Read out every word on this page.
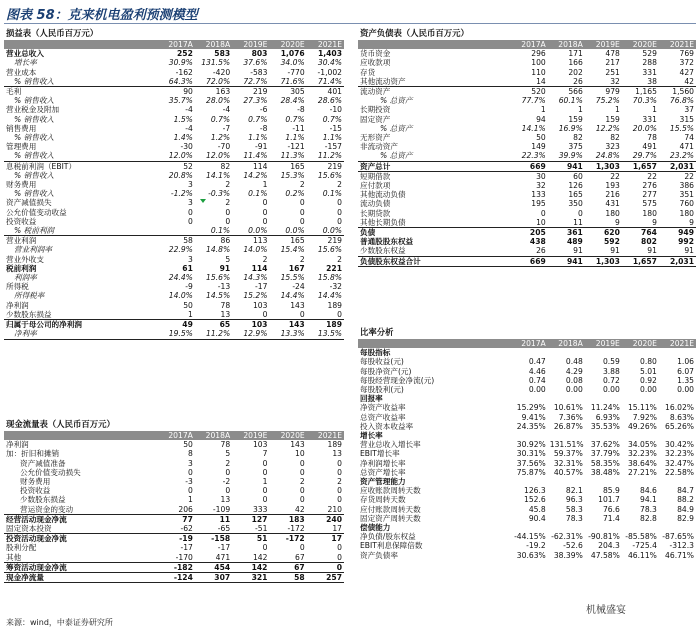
图表 58：克来机电盈利预测模型
损益表（人民币百万元）
	2017A	2018A	2019E	2020E	2021E
营业总收入	252	583	803	1,076	1,403
增长率	30.9%	131.5%	37.6%	34.0%	30.4%
营业成本	-162	-420	-583	-770	-1,002
% 销售收入	64.3%	72.0%	72.7%	71.6%	71.4%
毛利	90	163	219	305	401
% 销售收入	35.7%	28.0%	27.3%	28.4%	28.6%
营业税金及附加	-4	-4	-6	-8	-10
% 销售收入	1.5%	0.7%	0.7%	0.7%	0.7%
销售费用	-4	-7	-8	-11	-15
% 销售收入	1.4%	1.2%	1.1%	1.1%	1.1%
管理费用	-30	-70	-91	-121	-157
% 销售收入	12.0%	12.0%	11.4%	11.3%	11.2%
息税前利润（EBIT）	52	82	114	165	219
% 销售收入	20.8%	14.1%	14.2%	15.3%	15.6%
财务费用	3	2	1	2	2
% 销售收入	-1.2%	-0.3%	0.1%	0.2%	0.1%
资产减值损失	3	2	0	0	0
公允价值变动收益	0	0	0	0	0
投资收益	0	0	0	0	0
% 税前利润		0.1%	0.0%	0.0%	0.0%
营业利润	58	86	113	165	219
营业利润率	22.9%	14.8%	14.0%	15.4%	15.6%
营业外收支	3	5	2	2	2
税前利润	61	91	114	167	221
利润率	24.4%	15.6%	14.3%	15.5%	15.8%
所得税	-9	-13	-17	-24	-32
所得税率	14.0%	14.5%	15.2%	14.4%	14.4%
净利润	50	78	103	143	189
少数股东损益	1	13	0	0	0
归属于母公司的净利润	49	65	103	143	189
净利率	19.5%	11.2%	12.9%	13.3%	13.5%
现金流量表（人民币百万元）
	2017A	2018A	2019E	2020E	2021E
净利润	50	78	103	143	189
加：折旧和摊销	8	5	7	10	13
资产减值准备	3	2	0	0	0
公允价值变动损失	0	0	0	0	0
财务费用	-3	-2	1	2	2
投资收益	0	0	0	0	0
少数股东损益	1	13	0	0	0
营运资金的变动	206	-109	333	42	210
经营活动现金净流	77	11	127	183	240
固定资本投资	-62	-65	-51	-172	17
投资活动现金净流	-19	-158	51	-172	17
股利分配	-17	-17	0	0	0
其他	-170	471	142	67	0
筹资活动现金净流	-182	454	142	67	0
现金净流量	-124	307	321	58	257
资产负债表（人民币百万元）
	2017A	2018A	2019E	2020E	2021E
货币资金	296	171	478	529	769
应收款项	100	166	217	288	372
存货	110	202	251	331	427
其他流动资产	14	26	32	38	42
流动资产	520	566	979	1,165	1,560
% 总资产	77.7%	60.1%	75.2%	70.3%	76.8%
长期投资	1	1	1	1	37
固定资产	94	159	159	331	315
% 总资产	14.1%	16.9%	12.2%	20.0%	15.5%
无形资产	50	82	82	78	74
非流动资产	149	375	323	491	471
% 总资产	22.3%	39.9%	24.8%	29.7%	23.2%
资产总计	669	941	1,303	1,657	2,031
短期借款	30	60	22	22	22
应付款项	32	126	193	276	386
其他流动负债	133	165	216	277	351
流动负债	195	350	431	575	760
长期贷款	0	0	180	180	180
其他长期负债	10	11	9	9	9
负债	205	361	620	764	949
普通股股东权益	438	489	592	802	992
少数股东权益	26	91	91	91	91
负债股东权益合计	669	941	1,303	1,657	2,031
比率分析
	2017A	2018A	2019E	2020E	2021E
每股指标					
每股收益(元)	0.47	0.48	0.59	0.80	1.06
每股净资产(元)	4.46	4.29	3.88	5.01	6.07
每股经营现金净流(元)	0.74	0.08	0.72	0.92	1.35
每股股利(元)	0.00	0.00	0.00	0.00	0.00
回报率					
净资产收益率	15.29%	10.61%	11.24%	15.11%	16.02%
总资产收益率	9.41%	7.36%	6.93%	7.92%	8.63%
投入资本收益率	24.35%	26.87%	35.53%	49.26%	65.26%
增长率					
营业总收入增长率	30.92%	131.51%	37.62%	34.05%	30.42%
EBIT增长率	30.31%	59.37%	37.79%	32.23%	32.23%
净利润增长率	37.56%	32.31%	58.35%	38.64%	32.47%
总资产增长率	75.87%	40.57%	38.48%	27.21%	22.58%
资产管理能力					
应收账款周转天数	126.3	82.1	85.9	84.6	84.7
存货周转天数	152.6	96.3	101.7	94.1	88.2
应付账款周转天数	45.8	58.3	76.6	78.3	84.9
固定资产周转天数	90.4	78.3	71.4	82.8	82.9
偿债能力					
净负债/股东权益	-44.15%	-62.31%	-90.81%	-85.58%	-87.65%
EBIT利息保障倍数	-19.2	-52.6	204.3	-725.4	-312.3
资产负债率	30.63%	38.39%	47.58%	46.11%	46.71%
来源：wind，中泰证券研究所
机械盛宴
